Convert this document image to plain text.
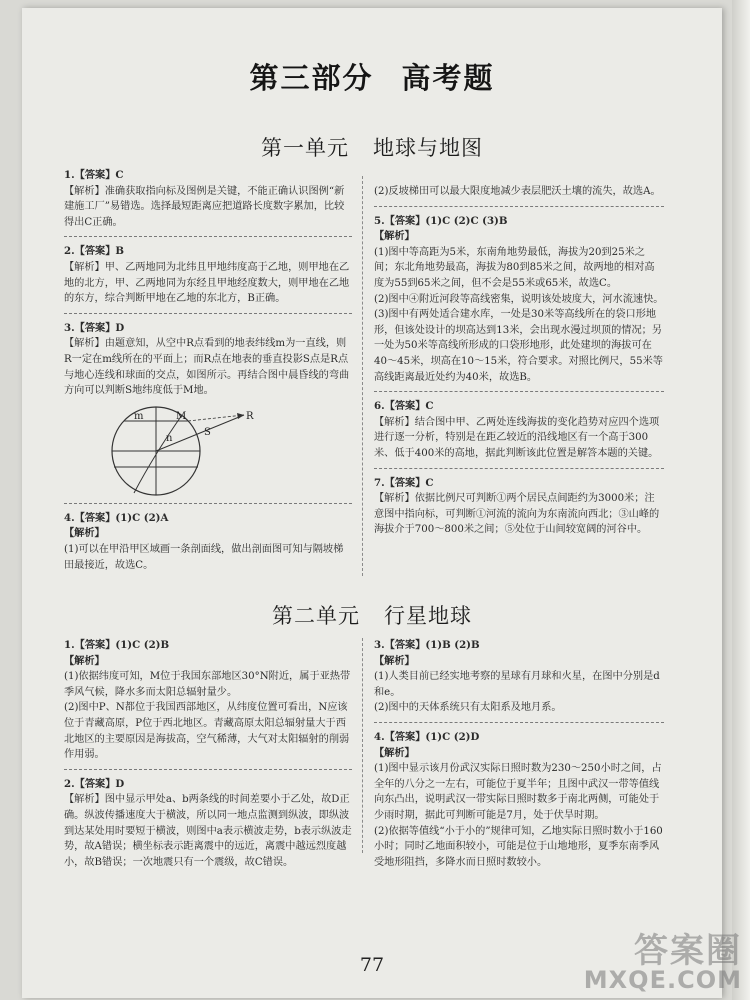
第三部分 高考题
第一单元 地球与地图

1.【答案】C

【解析】准确获取指向标及图例是关键，不能正确认识图例“新建施工厂”易错选。选择最短距离应把道路长度数字累加，比较得出C正确。

2.【答案】B

【解析】甲、乙两地同为北纬且甲地纬度高于乙地，则甲地在乙地的北方，甲、乙两地同为东经且甲地经度数大，则甲地在乙地的东方，综合判断甲地在乙地的东北方，B正确。

3.【答案】D

【解析】由题意知，从空中R点看到的地表纬线m为一直线，则R一定在m线所在的平面上；而R点在地表的垂直投影S点是R点与地心连线和球面的交点，如图所示。再结合图中晨昏线的弯曲方向可以判断S地纬度低于M地。

m
n
M
S
R

4.【答案】(1)C (2)A

【解析】

(1)可以在甲沿甲区域画一条剖面线，做出剖面图可知与隔坡梯田最接近，故选C。

(2)反坡梯田可以最大限度地减少表层肥沃土壤的流失，故选A。

5.【答案】(1)C (2)C (3)B

【解析】

(1)图中等高距为5米，东南角地势最低，海拔为20到25米之间；东北角地势最高，海拔为80到85米之间，故两地的相对高度为55到65米之间，但不会是55米或65米，故选C。

(2)图中④附近河段等高线密集，说明该处坡度大，河水流速快。

(3)图中有两处适合建水库，一处是30米等高线所在的袋口形地形，但该处设计的坝高达到13米，会出现水漫过坝顶的情况；另一处为50米等高线所形成的口袋形地形，此处建坝的海拔可在40～45米，坝高在10～15米，符合要求。对照比例尺，55米等高线距离最近处约为40米，故选B。

6.【答案】C

【解析】结合图中甲、乙两处连线海拔的变化趋势对应四个选项进行逐一分析，特别是在距乙较近的沿线地区有一个高于300米、低于400米的高地，据此判断该此位置是解答本题的关键。

7.【答案】C

【解析】依据比例尺可判断①两个居民点间距约为3000米；注意图中指向标，可判断①河流的流向为东南流向西北；③山峰的海拔介于700～800米之间；⑤处位于山间较宽阔的河谷中。

第二单元 行星地球

1.【答案】(1)C (2)B

【解析】

(1)依据纬度可知，M位于我国东部地区30°N附近，属于亚热带季风气候，降水多而太阳总辐射量少。

(2)图中P、N都位于我国西部地区，从纬度位置可看出，N应该位于青藏高原，P位于西北地区。青藏高原太阳总辐射量大于西北地区的主要原因是海拔高，空气稀薄，大气对太阳辐射的削弱作用弱。

2.【答案】D

【解析】图中显示甲处a、b两条线的时间差要小于乙处，故D正确。纵波传播速度大于横波，所以同一地点监测到纵波，即纵波到达某处用时要短于横波，则图中a表示横波走势，b表示纵波走势，故A错误；横坐标表示距离震中的远近，离震中越远烈度越小，故B错误；一次地震只有一个震级，故C错误。

3.【答案】(1)B (2)B

【解析】

(1)人类目前已经实地考察的星球有月球和火星，在图中分别是d和e。

(2)图中的天体系统只有太阳系及地月系。

4.【答案】(1)C (2)D

【解析】

(1)图中显示该月份武汉实际日照时数为230～250小时之间，占全年的八分之一左右，可能位于夏半年；且图中武汉一带等值线向东凸出，说明武汉一带实际日照时数多于南北两侧，可能处于少雨时期，据此可判断可能是7月，处于伏旱时期。

(2)依据等值线“小于小的”规律可知，乙地实际日照时数小于160小时；同时乙地面积较小，可能是位于山地地形，夏季东南季风受地形阻挡，多降水而日照时数较小。

77	答案圈
MXQE.COM
